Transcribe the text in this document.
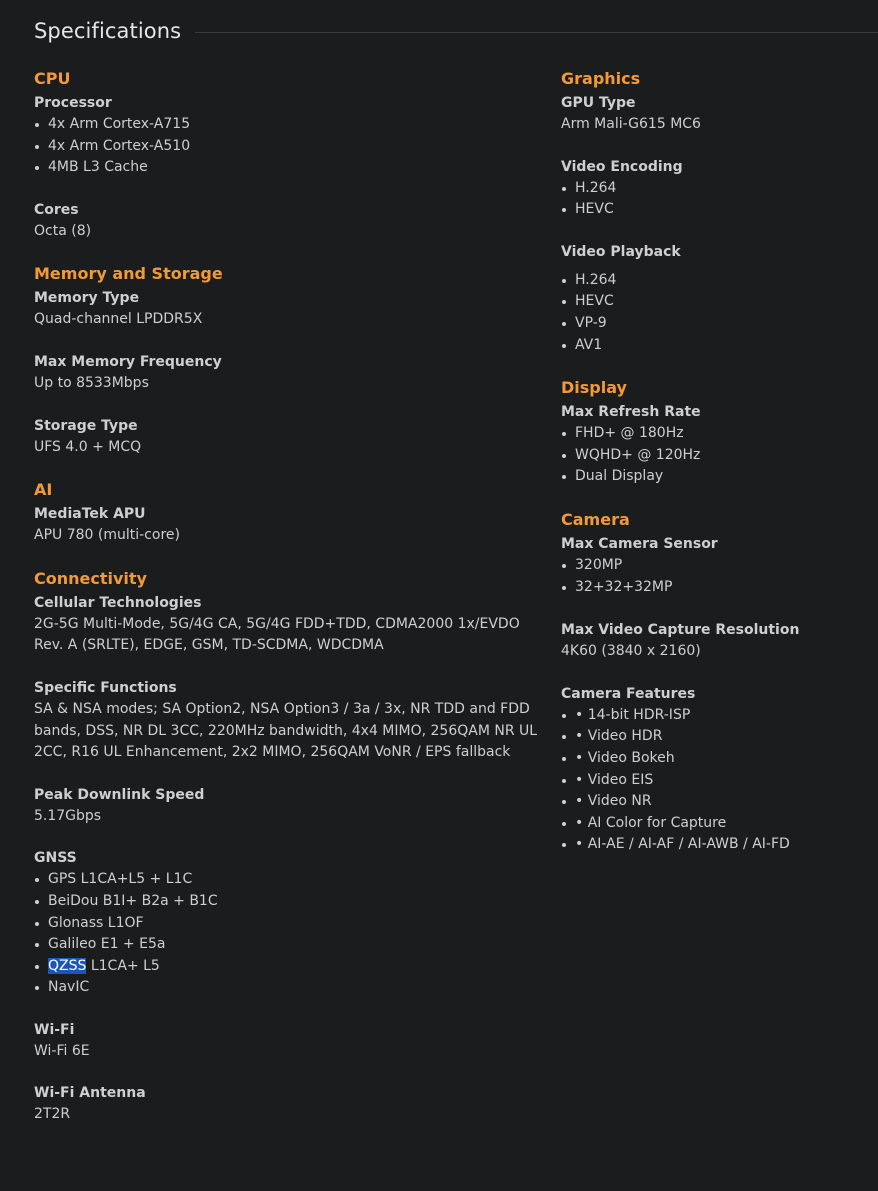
Specifications
CPU
Processor
4x Arm Cortex-A715
4x Arm Cortex-A510
4MB L3 Cache
Cores
Octa (8)
Memory and Storage
Memory Type
Quad-channel LPDDR5X
Max Memory Frequency
Up to 8533Mbps
Storage Type
UFS 4.0 + MCQ
AI
MediaTek APU
APU 780 (multi-core)
Connectivity
Cellular Technologies
2G-5G Multi-Mode, 5G/4G CA, 5G/4G FDD+TDD, CDMA2000 1x/EVDO Rev. A (SRLTE), EDGE, GSM, TD-SCDMA, WDCDMA
Specific Functions
SA & NSA modes; SA Option2, NSA Option3 / 3a / 3x, NR TDD and FDD bands, DSS, NR DL 3CC, 220MHz bandwidth, 4x4 MIMO, 256QAM NR UL 2CC, R16 UL Enhancement, 2x2 MIMO, 256QAM VoNR / EPS fallback
Peak Downlink Speed
5.17Gbps
GNSS
GPS L1CA+L5 + L1C
BeiDou B1I+ B2a + B1C
Glonass L1OF
Galileo E1 + E5a
QZSS L1CA+ L5
NavIC
Wi-Fi
Wi-Fi 6E
Wi-Fi Antenna
2T2R
Graphics
GPU Type
Arm Mali-G615 MC6
Video Encoding
H.264
HEVC
Video Playback
H.264
HEVC
VP-9
AV1
Display
Max Refresh Rate
FHD+ @ 180Hz
WQHD+ @ 120Hz
Dual Display
Camera
Max Camera Sensor
320MP
32+32+32MP
Max Video Capture Resolution
4K60 (3840 x 2160)
Camera Features
• 14-bit HDR-ISP
• Video HDR
• Video Bokeh
• Video EIS
• Video NR
• AI Color for Capture
• AI-AE / AI-AF / AI-AWB / AI-FD
